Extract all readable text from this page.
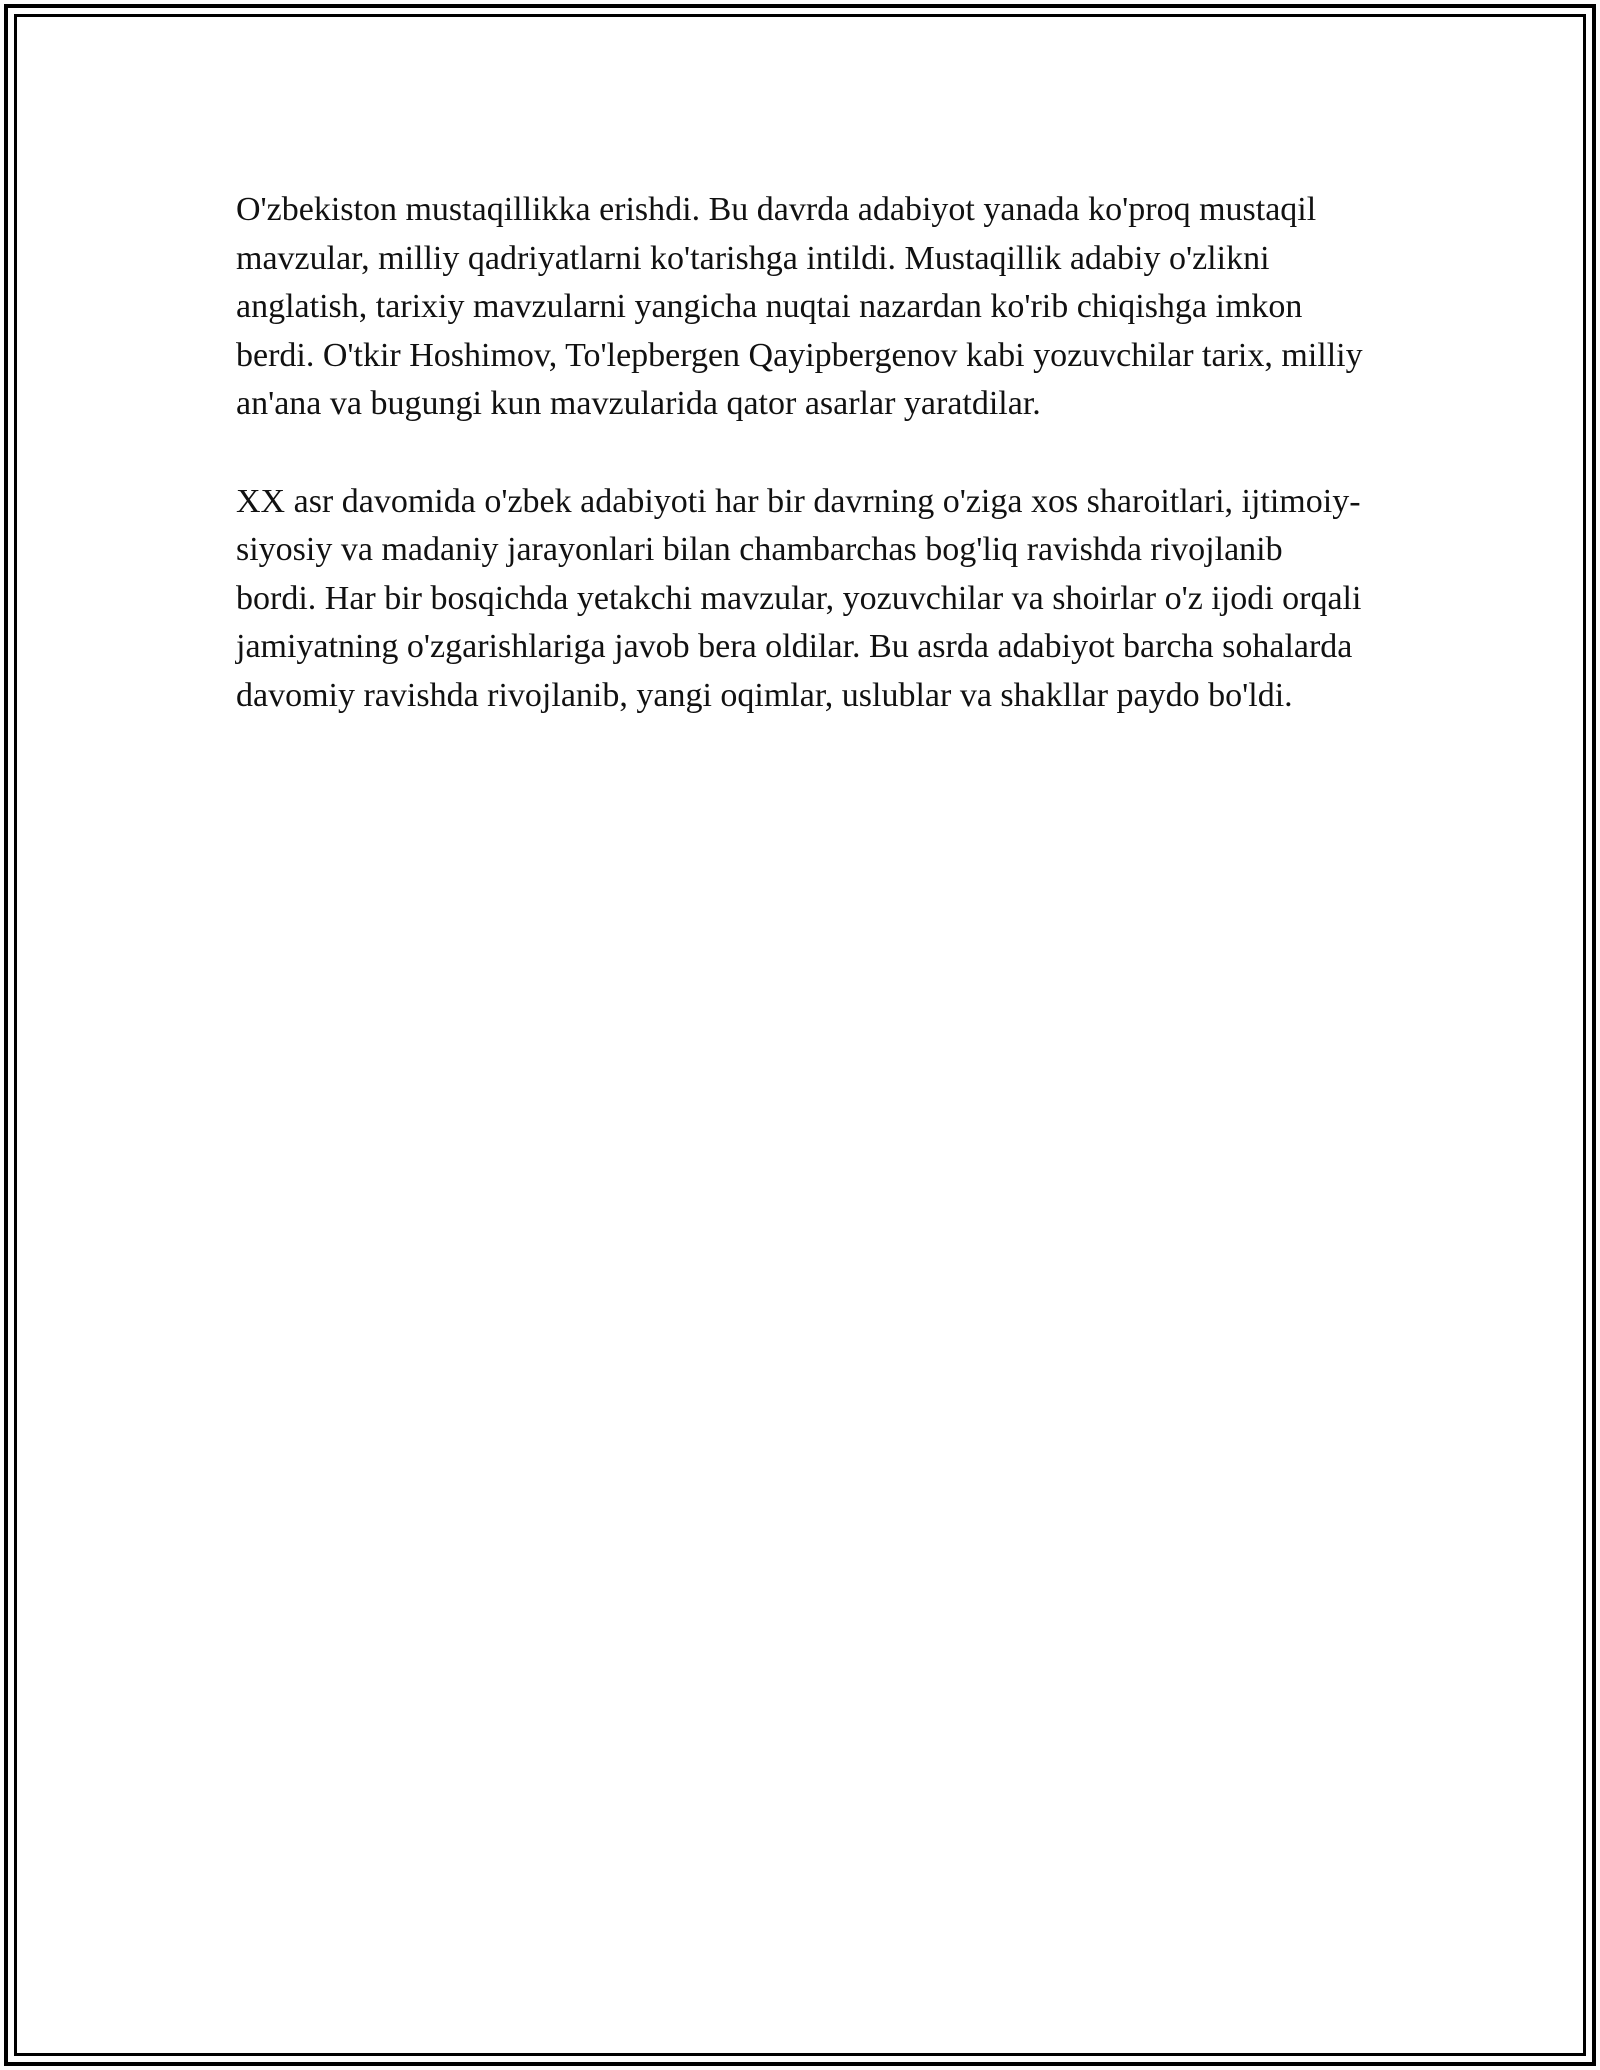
O'zbekiston mustaqillikka erishdi. Bu davrda adabiyot yanada ko'proq mustaqil mavzular, milliy qadriyatlarni ko'tarishga intildi. Mustaqillik adabiy o'zlikni anglatish, tarixiy mavzularni yangicha nuqtai nazardan ko'rib chiqishga imkon berdi. O'tkir Hoshimov, To'lepbergen Qayipbergenov kabi yozuvchilar tarix, milliy an'ana va bugungi kun mavzularida qator asarlar yaratdilar.

XX asr davomida o'zbek adabiyoti har bir davrning o'ziga xos sharoitlari, ijtimoiy-siyosiy va madaniy jarayonlari bilan chambarchas bog'liq ravishda rivojlanib bordi. Har bir bosqichda yetakchi mavzular, yozuvchilar va shoirlar o'z ijodi orqali jamiyatning o'zgarishlariga javob bera oldilar. Bu asrda adabiyot barcha sohalarda davomiy ravishda rivojlanib, yangi oqimlar, uslublar va shakllar paydo bo'ldi.
